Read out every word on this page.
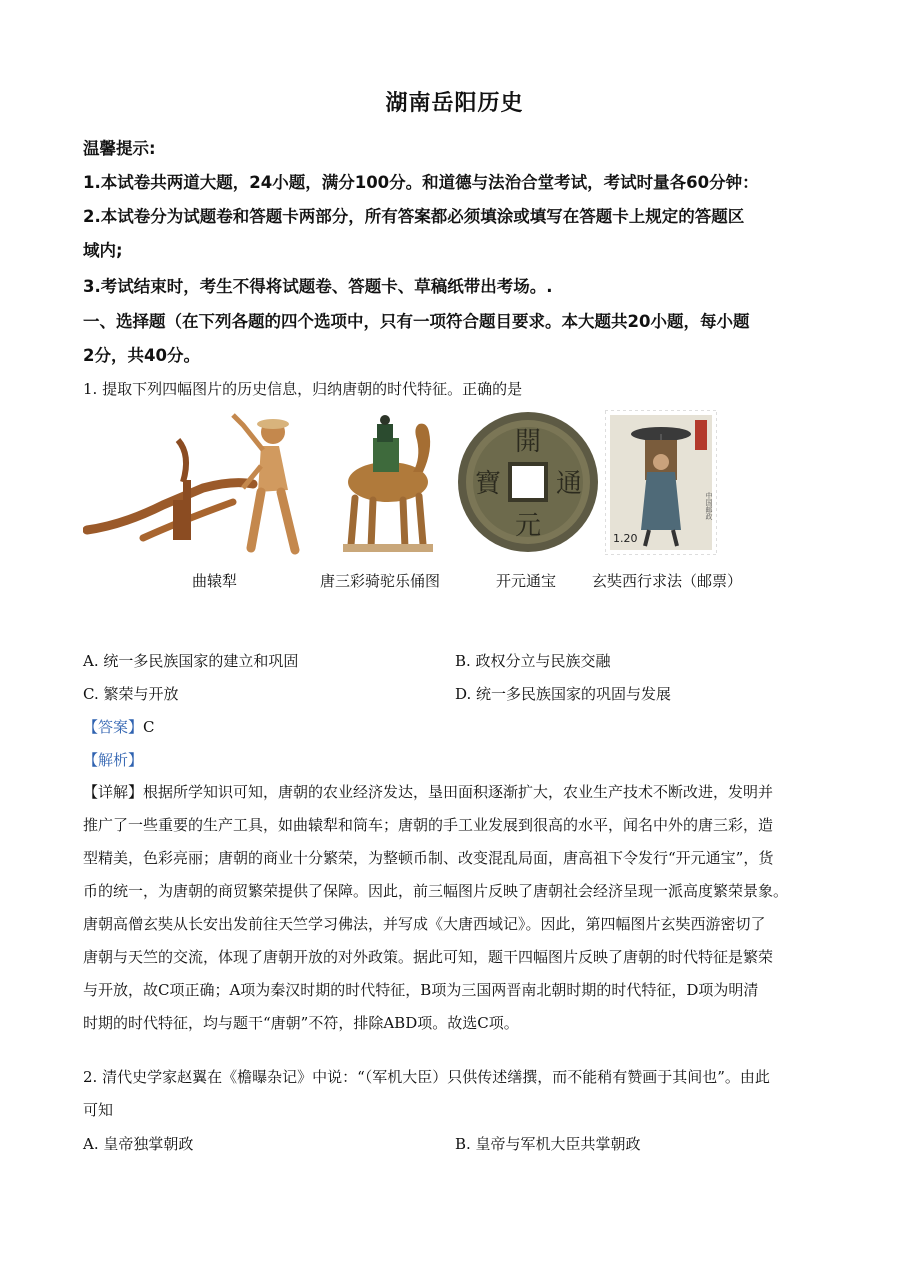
湖南岳阳历史
温馨提示:
1.本试卷共两道大题，24小题，满分100分。和道德与法治合堂考试，考试时量各60分钟：
2.本试卷分为试题卷和答题卡两部分，所有答案都必须填涂或填写在答题卡上规定的答题区
域内;
3.考试结束时，考生不得将试题卷、答题卡、草稿纸带出考场。.
一、选择题（在下列各题的四个选项中，只有一项符合题目要求。本大题共20小题，每小题
2分，共40分。
1. 提取下列四幅图片的历史信息，归纳唐朝的时代特征。正确的是
開
元
通
寶
1.20
中国邮政
曲辕犁	唐三彩骑驼乐俑图	开元通宝 玄奘西行求法（邮票）
A. 统一多民族国家的建立和巩固	B. 政权分立与民族交融
C. 繁荣与开放	D. 统一多民族国家的巩固与发展
【答案】C
【解析】
【详解】根据所学知识可知，唐朝的农业经济发达，垦田面积逐渐扩大，农业生产技术不断改进，发明并
推广了一些重要的生产工具，如曲辕犁和筒车；唐朝的手工业发展到很高的水平，闻名中外的唐三彩，造
型精美，色彩亮丽；唐朝的商业十分繁荣，为整顿币制、改变混乱局面，唐高祖下令发行“开元通宝”，货
币的统一，为唐朝的商贸繁荣提供了保障。因此，前三幅图片反映了唐朝社会经济呈现一派高度繁荣景象。
唐朝高僧玄奘从长安出发前往天竺学习佛法，并写成《大唐西域记》。因此，第四幅图片玄奘西游密切了
唐朝与天竺的交流，体现了唐朝开放的对外政策。据此可知，题干四幅图片反映了唐朝的时代特征是繁荣
与开放，故C项正确；A项为秦汉时期的时代特征，B项为三国两晋南北朝时期的时代特征，D项为明清
时期的时代特征，均与题干“唐朝”不符，排除ABD项。故选C项。
2. 清代史学家赵翼在《檐曝杂记》中说：“（军机大臣）只供传述缮撰，而不能稍有赞画于其间也”。由此
可知
A. 皇帝独掌朝政	B. 皇帝与军机大臣共掌朝政
